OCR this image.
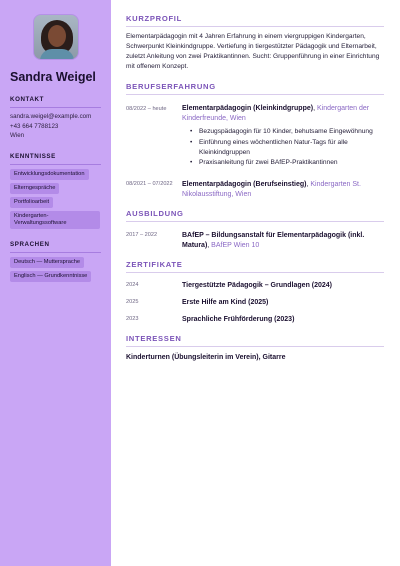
Sandra Weigel
KONTAKT
sandra.weigel@example.com
+43 664 7788123
Wien
KENNTNISSE
Entwicklungsdokumentation
Elterngespräche
Portfolioarbeit
Kindergarten-Verwaltungssoftware
SPRACHEN
Deutsch — Muttersprache
Englisch — Grundkenntnisse
KURZPROFIL

Elementarpädagogin mit 4 Jahren Erfahrung in einem viergruppigen Kindergarten, Schwerpunkt Kleinkindgruppe. Vertiefung in tiergestützter Pädagogik und Elternarbeit, zuletzt Anleitung von zwei Praktikantinnen. Sucht: Gruppenführung in einer Einrichtung mit offenem Konzept.

BERUFSERFAHRUNG
08/2022 – heute	Elementarpädagogin (Kleinkindgruppe), Kindergarten der Kinderfreunde, Wien
• Bezugspädagogin für 10 Kinder, behutsame Eingewöhnung
• Einführung eines wöchentlichen Natur-Tags für alle Kleinkindgruppen
• Praxisanleitung für zwei BAfEP-Praktikantinnen
08/2021 – 07/2022	Elementarpädagogin (Berufseinstieg), Kindergarten St. Nikolausstiftung, Wien
AUSBILDUNG
2017 – 2022	BAfEP – Bildungsanstalt für Elementarpädagogik (inkl. Matura), BAfEP Wien 10
ZERTIFIKATE
2024	Tiergestützte Pädagogik – Grundlagen (2024)
2025	Erste Hilfe am Kind (2025)
2023	Sprachliche Frühförderung (2023)
INTERESSEN
Kinderturnen (Übungsleiterin im Verein), Gitarre
